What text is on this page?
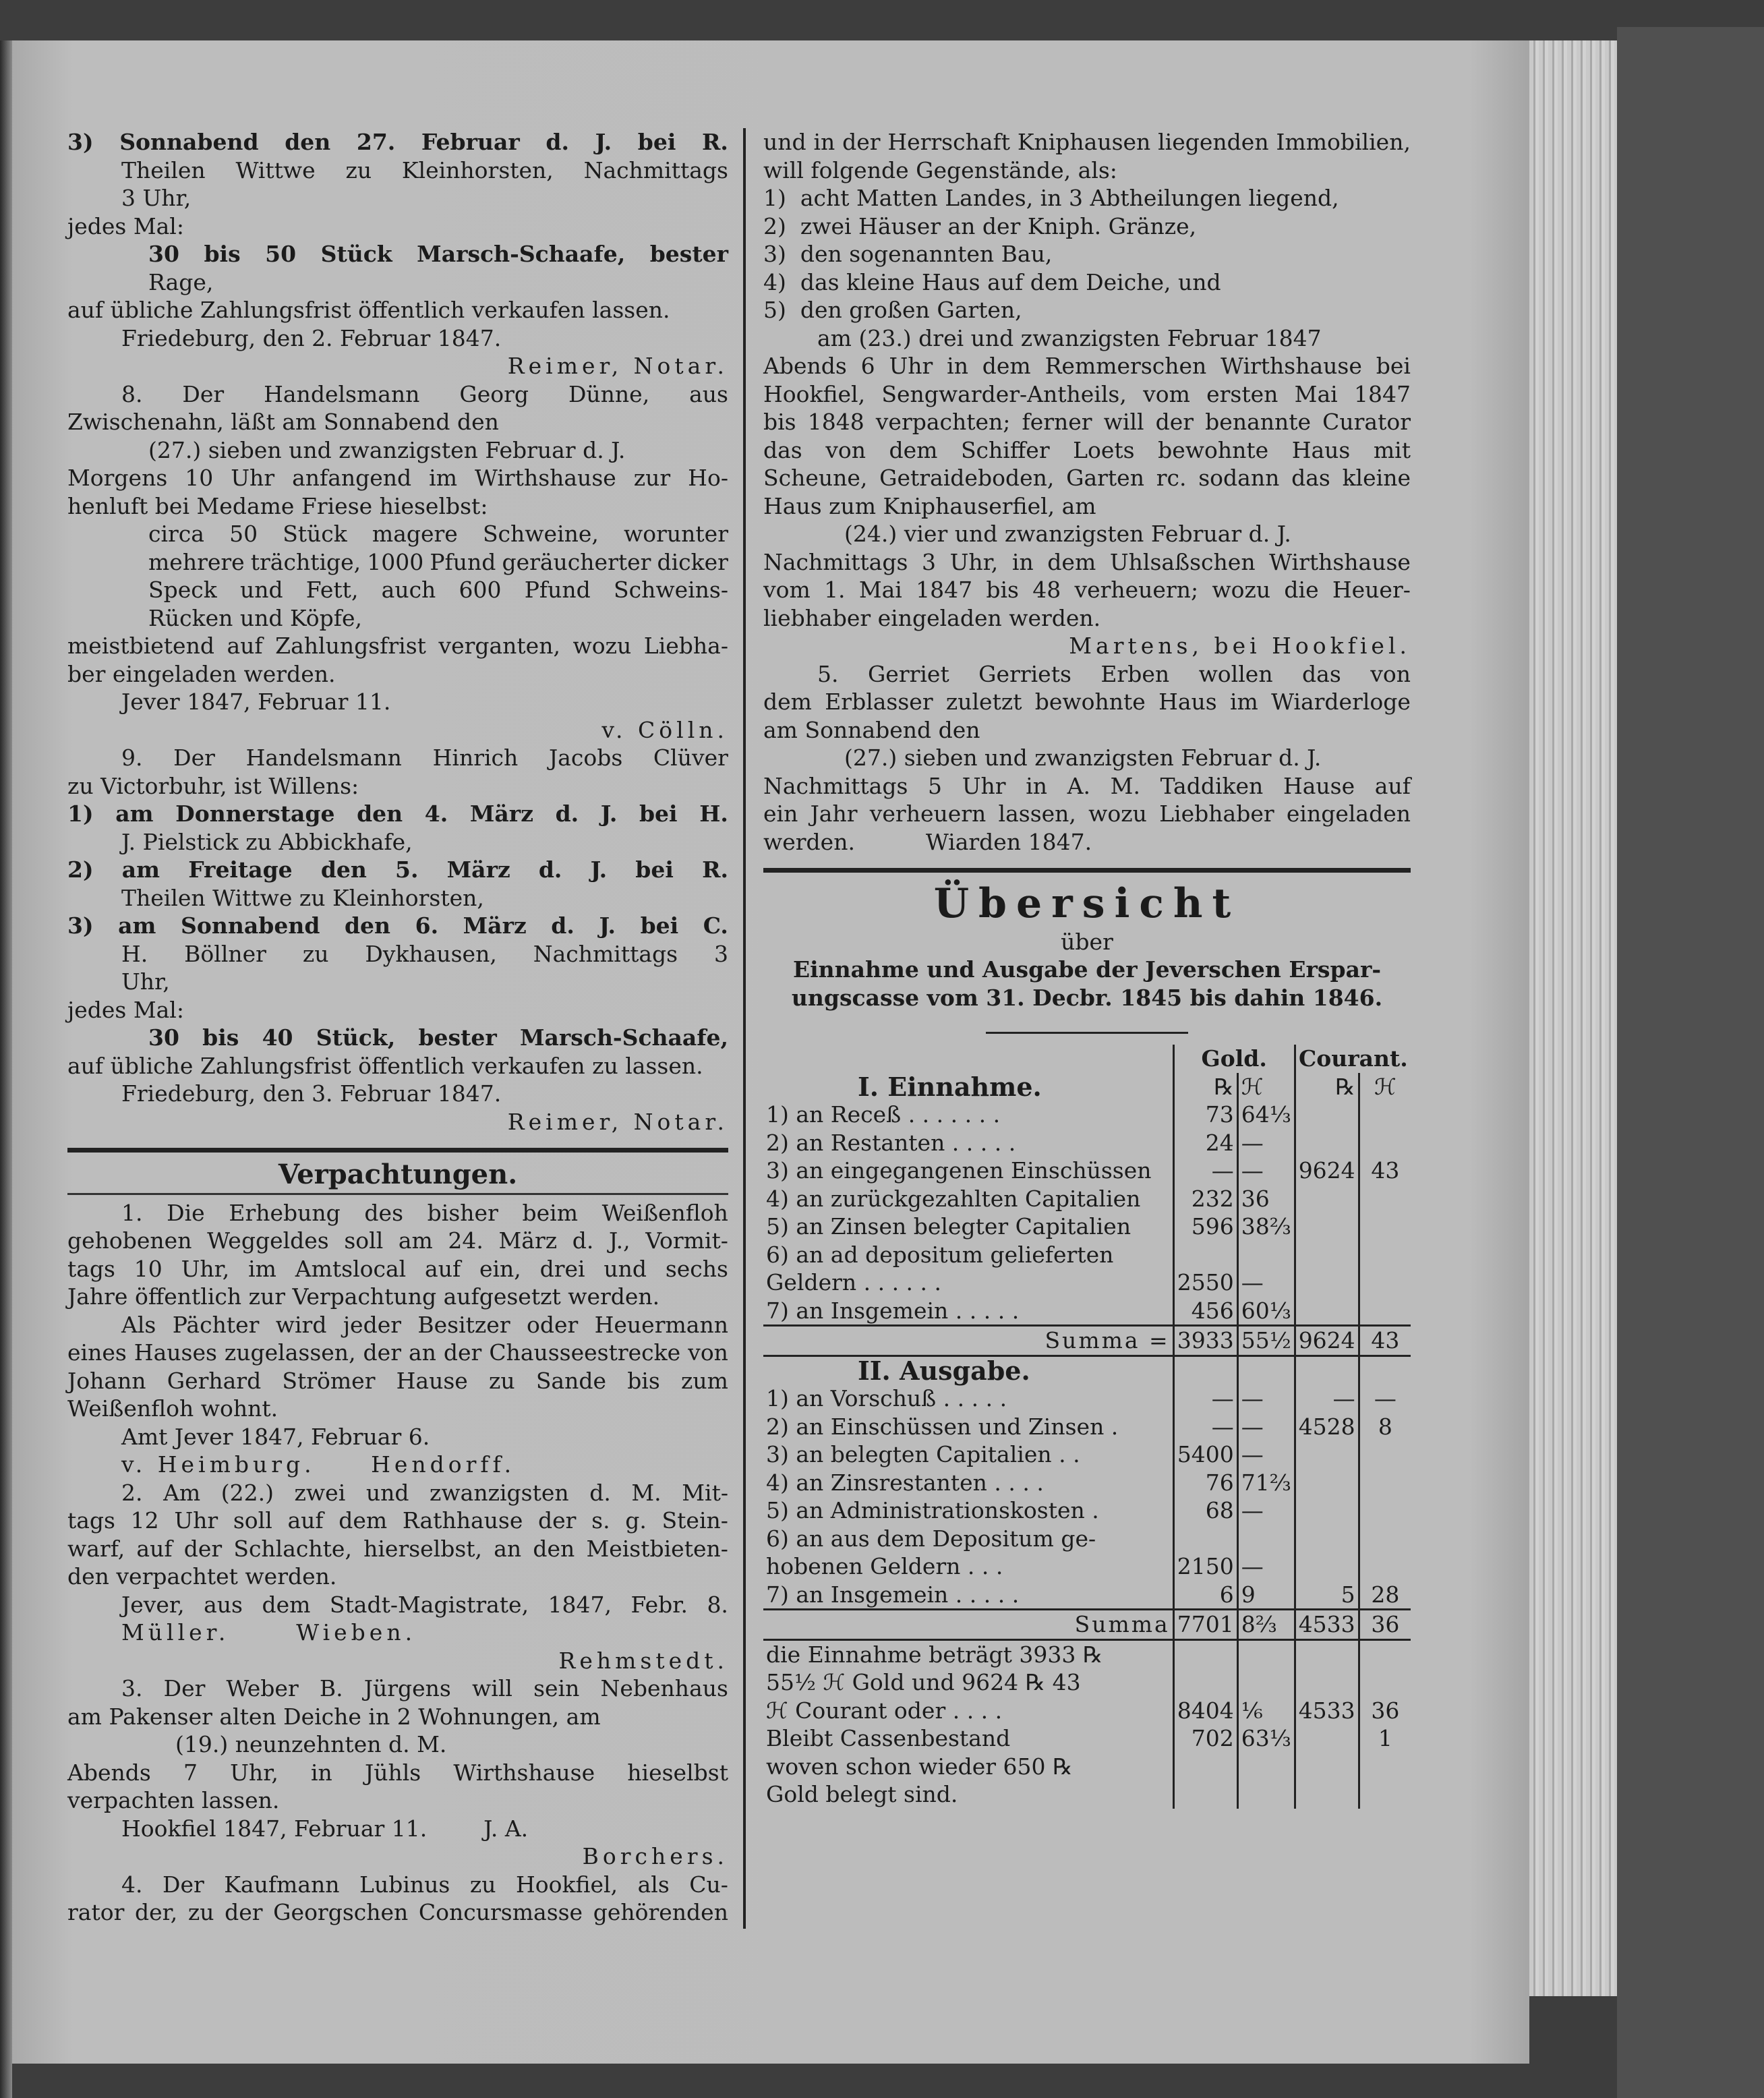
3) Sonnabend den 27. Februar d. J. bei R.
Theilen Wittwe zu Kleinhorsten, Nachmittags
3 Uhr,
jedes Mal:
30 bis 50 Stück Marsch-Schaafe, bester
Rage,
auf übliche Zahlungsfrist öffentlich verkaufen lassen.
Friedeburg, den 2. Februar 1847.
Reimer, Notar.
8. Der Handelsmann Georg Dünne, aus
Zwischenahn, läßt am Sonnabend den
(27.) sieben und zwanzigsten Februar d. J.
Morgens 10 Uhr anfangend im Wirthshause zur Ho-
henluft bei Medame Friese hieselbst:
circa 50 Stück magere Schweine, worunter
mehrere trächtige, 1000 Pfund geräucherter dicker
Speck und Fett, auch 600 Pfund Schweins-
Rücken und Köpfe,
meistbietend auf Zahlungsfrist verganten, wozu Liebha-
ber eingeladen werden.
Jever 1847, Februar 11.
v. Cölln.
9. Der Handelsmann Hinrich Jacobs Clüver
zu Victorbuhr, ist Willens:
1) am Donnerstage den 4. März d. J. bei H.
J. Pielstick zu Abbickhafe,
2) am Freitage den 5. März d. J. bei R.
Theilen Wittwe zu Kleinhorsten,
3) am Sonnabend den 6. März d. J. bei C.
H. Böllner zu Dykhausen, Nachmittags 3
Uhr,
jedes Mal:
30 bis 40 Stück, bester Marsch-Schaafe,
auf übliche Zahlungsfrist öffentlich verkaufen zu lassen.
Friedeburg, den 3. Februar 1847.
Reimer, Notar.
Verpachtungen.
1. Die Erhebung des bisher beim Weißenfloh
gehobenen Weggeldes soll am 24. März d. J., Vormit-
tags 10 Uhr, im Amtslocal auf ein, drei und sechs
Jahre öffentlich zur Verpachtung aufgesetzt werden.
Als Pächter wird jeder Besitzer oder Heuermann
eines Hauses zugelassen, der an der Chausseestrecke von
Johann Gerhard Strömer Hause zu Sande bis zum
Weißenfloh wohnt.
Amt Jever 1847, Februar 6.
v. Heimburg.     Hendorff.
2. Am (22.) zwei und zwanzigsten d. M. Mit-
tags 12 Uhr soll auf dem Rathhause der s. g. Stein-
warf, auf der Schlachte, hierselbst, an den Meistbieten-
den verpachtet werden.
Jever, aus dem Stadt-Magistrate, 1847, Febr. 8.
Müller.      Wieben.
Rehmstedt.
3. Der Weber B. Jürgens will sein Nebenhaus
am Pakenser alten Deiche in 2 Wohnungen, am
(19.) neunzehnten d. M.
Abends 7 Uhr, in Jühls Wirthshause hieselbst
verpachten lassen.
Hookfiel 1847, Februar 11.        J. A.
Borchers.
4. Der Kaufmann Lubinus zu Hookfiel, als Cu-
rator der, zu der Georgschen Concursmasse gehörenden
und in der Herrschaft Kniphausen liegenden Immobilien,
will folgende Gegenstände, als:
1)  acht Matten Landes, in 3 Abtheilungen liegend,
2)  zwei Häuser an der Kniph. Gränze,
3)  den sogenannten Bau,
4)  das kleine Haus auf dem Deiche, und
5)  den großen Garten,
am (23.) drei und zwanzigsten Februar 1847
Abends 6 Uhr in dem Remmerschen Wirthshause bei
Hookfiel, Sengwarder-Antheils, vom ersten Mai 1847
bis 1848 verpachten; ferner will der benannte Curator
das von dem Schiffer Loets bewohnte Haus mit
Scheune, Getraideboden, Garten rc. sodann das kleine
Haus zum Kniphauserfiel, am
(24.) vier und zwanzigsten Februar d. J.
Nachmittags 3 Uhr, in dem Uhlsaßschen Wirthshause
vom 1. Mai 1847 bis 48 verheuern; wozu die Heuer-
liebhaber eingeladen werden.
Martens, bei Hookfiel.
5. Gerriet Gerriets Erben wollen das von
dem Erblasser zuletzt bewohnte Haus im Wiarderloge
am Sonnabend den
(27.) sieben und zwanzigsten Februar d. J.
Nachmittags 5 Uhr in A. M. Taddiken Hause auf
ein Jahr verheuern lassen, wozu Liebhaber eingeladen
werden.          Wiarden 1847.
Übersicht
über
Einnahme und Ausgabe der Jeverschen Erspar-
ungscasse vom 31. Decbr. 1845 bis dahin 1846.
	Gold.		Courant.	
I. Einnahme.	℞	ℋ	℞	ℋ
1) an Receß . . . . . . .	73	64⅓		
2) an Restanten . . . . .	24	—		
3) an eingegangenen Einschüssen	—	—	9624	43
4) an zurückgezahlten Capitalien	232	36		
5) an Zinsen belegter Capitalien	596	38⅔		
6) an ad depositum gelieferten				
Geldern . . . . . .	2550	—		
7) an Insgemein . . . . .	456	60⅓		
Summa =	3933	55½	9624	43
II. Ausgabe.				
1) an Vorschuß . . . . .	—	—	—	—
2) an Einschüssen und Zinsen .	—	—	4528	8
3) an belegten Capitalien . .	5400	—		
4) an Zinsrestanten . . . .	76	71⅔		
5) an Administrationskosten .	68	—		
6) an aus dem Depositum ge-				
hobenen Geldern . . .	2150	—		
7) an Insgemein . . . . .	6	9	5	28
Summa	7701	8⅔	4533	36
die Einnahme beträgt 3933 ℞				
55½ ℋ Gold und 9624 ℞ 43				
ℋ Courant oder . . . .	8404	⅙	4533	36
Bleibt Cassenbestand	702	63⅓		1
woven schon wieder 650 ℞				
Gold belegt sind.				
